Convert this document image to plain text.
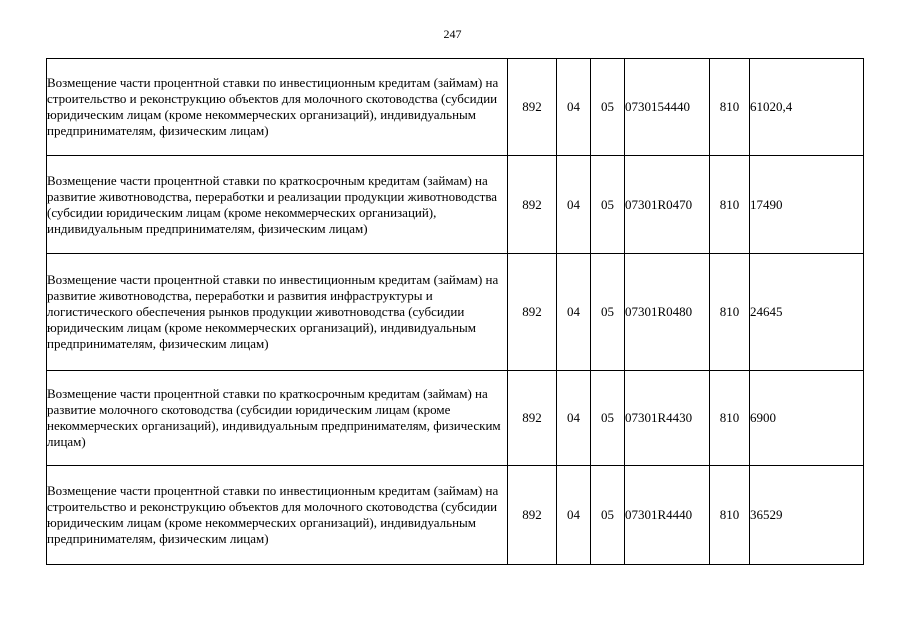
247
Возмещение части процентной ставки по инвестиционным кредитам (займам) на строительство и реконструкцию объектов для молочного скотоводства (субсидии юридическим лицам (кроме некоммерческих организаций), индивидуальным предпринимателям, физическим лицам)	892	04	05	0730154440	810	61020,4
Возмещение части процентной ставки по краткосрочным кредитам (займам) на развитие животноводства, переработки и реализации продукции животноводства (субсидии юридическим лицам (кроме некоммерческих организаций), индивидуальным предпринимателям, физическим лицам)	892	04	05	07301R0470	810	17490
Возмещение части процентной ставки по инвестиционным кредитам (займам) на развитие животноводства, переработки и развития инфраструктуры и логистического обеспечения рынков продукции животноводства (субсидии юридическим лицам (кроме некоммерческих организаций), индивидуальным предпринимателям, физическим лицам)	892	04	05	07301R0480	810	24645
Возмещение части процентной ставки по краткосрочным кредитам (займам) на развитие молочного скотоводства (субсидии юридическим лицам (кроме некоммерческих организаций), индивидуальным предпринимателям, физическим лицам)	892	04	05	07301R4430	810	6900
Возмещение части процентной ставки по инвестиционным кредитам (займам) на строительство и реконструкцию объектов для молочного скотоводства (субсидии юридическим лицам (кроме некоммерческих организаций), индивидуальным предпринимателям, физическим лицам)	892	04	05	07301R4440	810	36529
